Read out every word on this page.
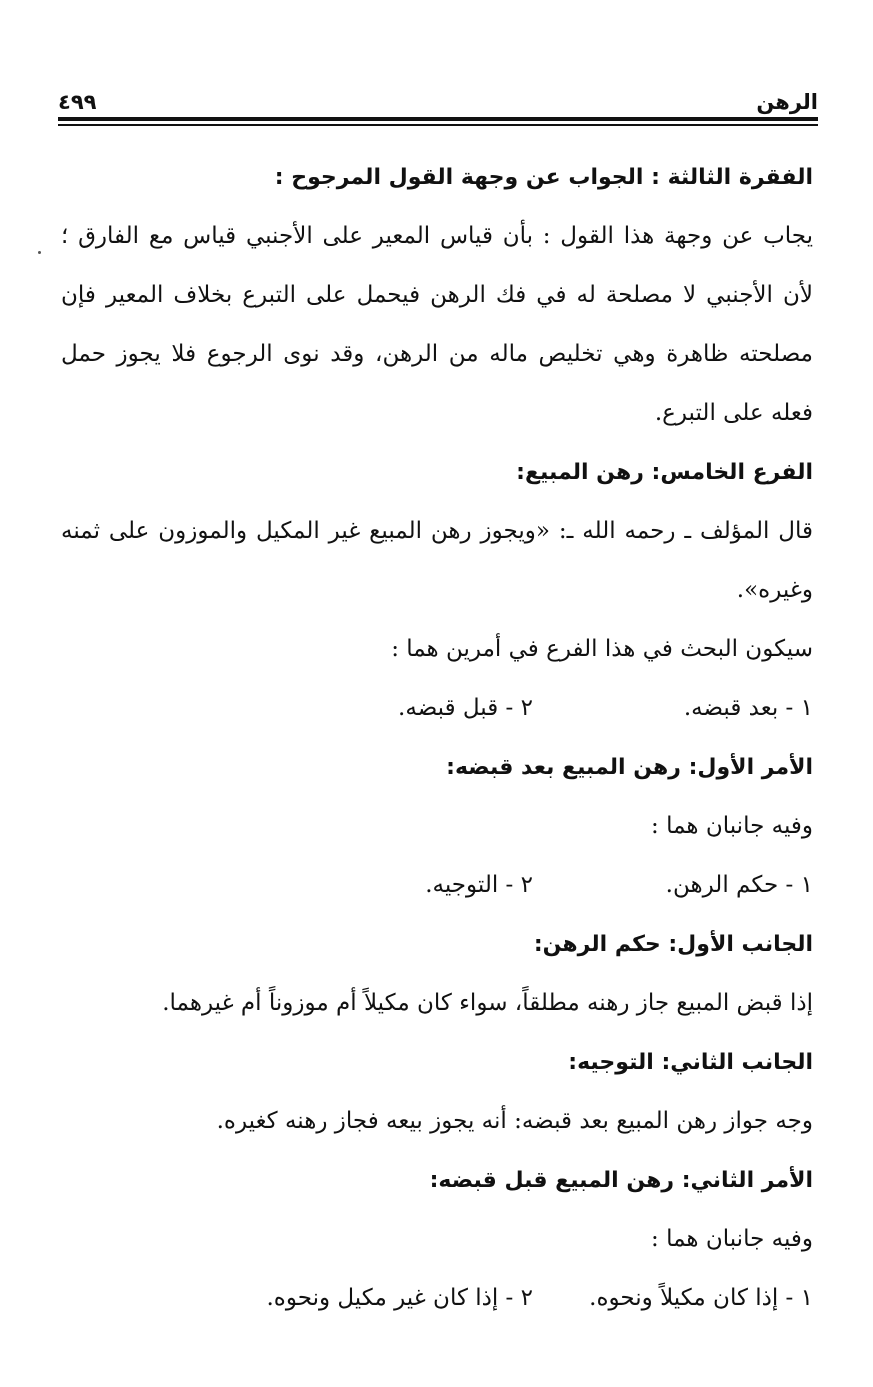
الرهن
٤٩٩

الفقرة الثالثة : الجواب عن وجهة القول المرجوح :

يجاب عن وجهة هذا القول : بأن قياس المعير على الأجنبي قياس مع الفارق ؛ لأن الأجنبي لا مصلحة له في فك الرهن فيحمل على التبرع بخلاف المعير فإن مصلحته ظاهرة وهي تخليص ماله من الرهن، وقد نوى الرجوع فلا يجوز حمل فعله على التبرع.

الفرع الخامس: رهن المبيع:

قال المؤلف ـ رحمه الله ـ: «ويجوز رهن المبيع غير المكيل والموزون على ثمنه وغيره».

سيكون البحث في هذا الفرع في أمرين هما :

١ - بعد قبضه.
٢ - قبل قبضه.

الأمر الأول: رهن المبيع بعد قبضه:

وفيه جانبان هما :

١ - حكم الرهن.
٢ - التوجيه.

الجانب الأول: حكم الرهن:

إذا قبض المبيع جاز رهنه مطلقاً، سواء كان مكيلاً أم موزوناً أم غيرهما.

الجانب الثاني: التوجيه:

وجه جواز رهن المبيع بعد قبضه: أنه يجوز بيعه فجاز رهنه كغيره.

الأمر الثاني: رهن المبيع قبل قبضه:

وفيه جانبان هما :

١ - إذا كان مكيلاً ونحوه.
٢ - إذا كان غير مكيل ونحوه.
